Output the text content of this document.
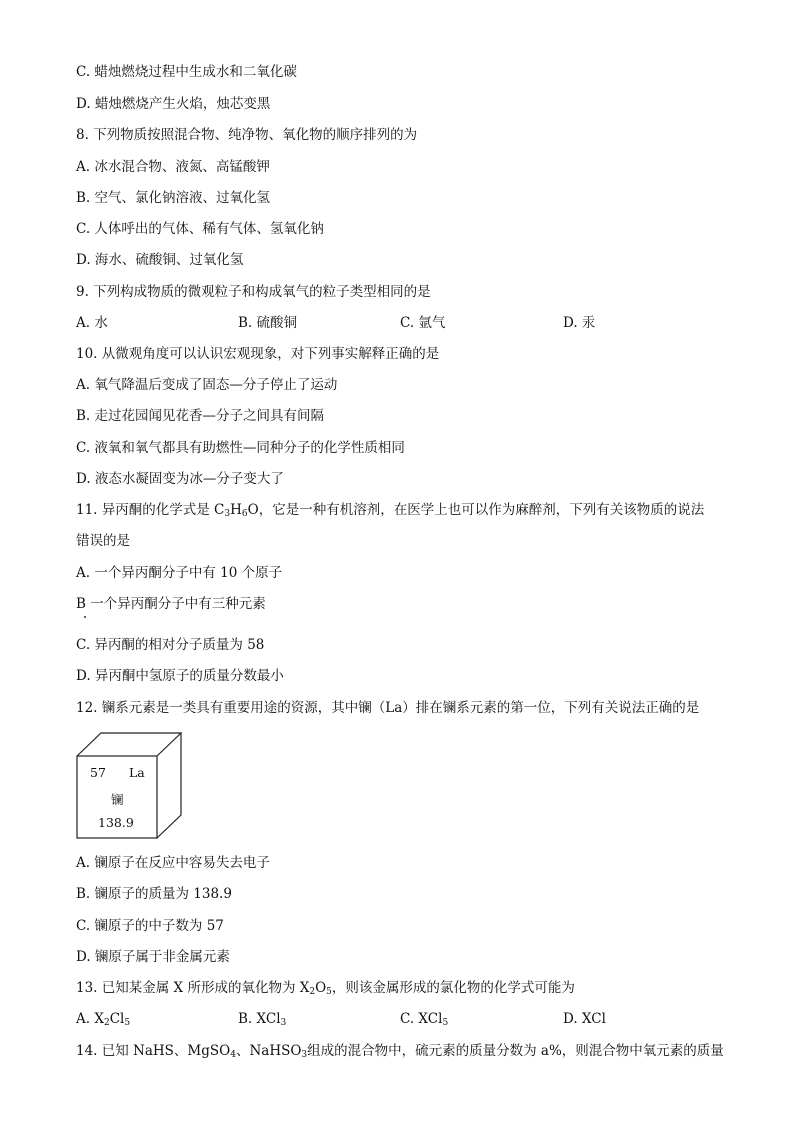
C. 蜡烛燃烧过程中生成水和二氧化碳
D. 蜡烛燃烧产生火焰，烛芯变黑
8. 下列物质按照混合物、纯净物、氧化物的顺序排列的为
A. 冰水混合物、液氮、高锰酸钾
B. 空气、氯化钠溶液、过氧化氢
C. 人体呼出的气体、稀有气体、氢氧化钠
D. 海水、硫酸铜、过氧化氢
9. 下列构成物质的微观粒子和构成氧气的粒子类型相同的是
A. 水	B. 硫酸铜	C. 氩气	D. 汞
10. 从微观角度可以认识宏观现象，对下列事实解释正确的是
A. 氧气降温后变成了固态—分子停止了运动
B. 走过花园闻见花香—分子之间具有间隔
C. 液氧和氧气都具有助燃性—同种分子的化学性质相同
D. 液态水凝固变为冰—分子变大了
11. 异丙酮的化学式是 $C_3H_6O$，它是一种有机溶剂，在医学上也可以作为麻醉剂，下列有关该物质的说法
错误的是
A. 一个异丙酮分子中有 10 个原子
B 一个异丙酮分子中有三种元素
C. 异丙酮的相对分子质量为 58
D. 异丙酮中氢原子的质量分数最小
12. 镧系元素是一类具有重要用途的资源，其中镧（La）排在镧系元素的第一位，下列有关说法正确的是
57 La
镧
138.9
A. 镧原子在反应中容易失去电子
B. 镧原子的质量为 138.9
C. 镧原子的中子数为 57
D. 镧原子属于非金属元素
13. 已知某金属 X 所形成的氧化物为 $X_2O_5$，则该金属形成的氯化物的化学式可能为
A. $X_2Cl_5$	B. XCl$_3$	C. XCl$_5$	D. XCl
14. 已知 NaHS、MgSO$_4$、NaHSO$_3$组成的混合物中，硫元素的质量分数为 a%，则混合物中氧元素的质量
